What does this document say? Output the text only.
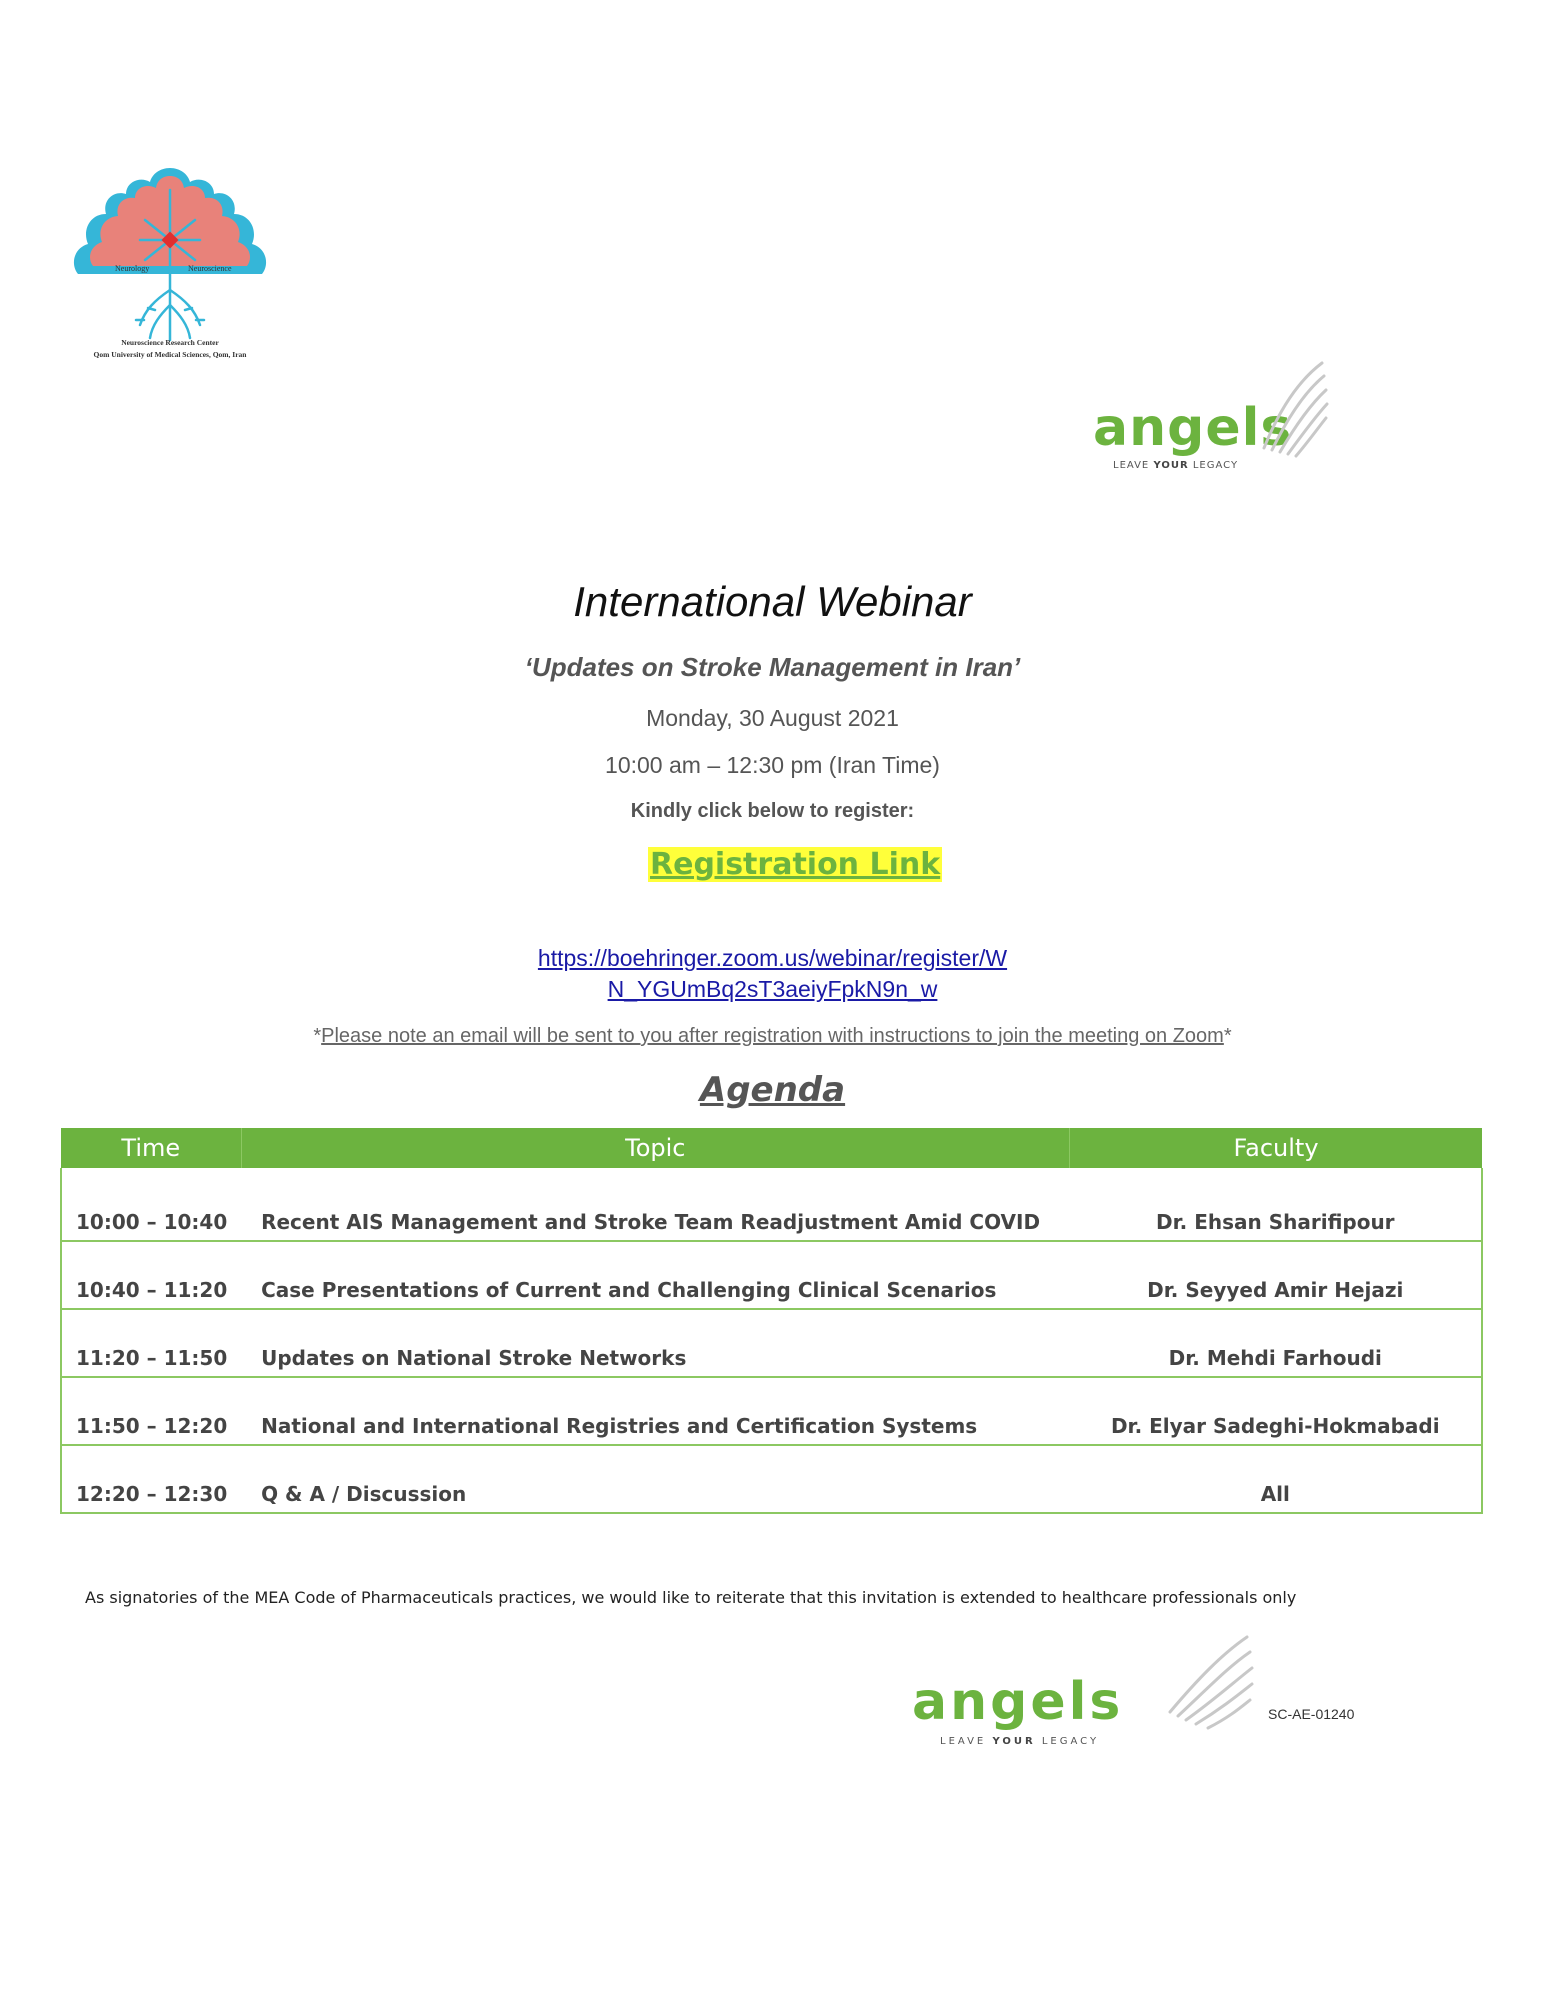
Neurology	Neuroscience
Neuroscience Research Center
Qom University of Medical Sciences, Qom, Iran
angels
LEAVE YOUR LEGACY
International Webinar
‘Updates on Stroke Management in Iran’
Monday, 30 August 2021
10:00 am – 12:30 pm (Iran Time)
Kindly click below to register:
Registration Link
https://boehringer.zoom.us/webinar/register/W
N_YGUmBq2sT3aeiyFpkN9n_w
*Please note an email will be sent to you after registration with instructions to join the meeting on Zoom*
Agenda
Time	Topic	Faculty
10:00 – 10:40	Recent AIS Management and Stroke Team Readjustment Amid COVID	Dr. Ehsan Sharifipour
10:40 – 11:20	Case Presentations of Current and Challenging Clinical Scenarios	Dr. Seyyed Amir Hejazi
11:20 – 11:50	Updates on National Stroke Networks	Dr. Mehdi Farhoudi
11:50 – 12:20	National and International Registries and Certification Systems	Dr. Elyar Sadeghi-Hokmabadi
12:20 – 12:30	Q & A / Discussion	All
As signatories of the MEA Code of Pharmaceuticals practices, we would like to reiterate that this invitation is extended to healthcare professionals only
angels
LEAVE YOUR LEGACY
SC-AE-01240
